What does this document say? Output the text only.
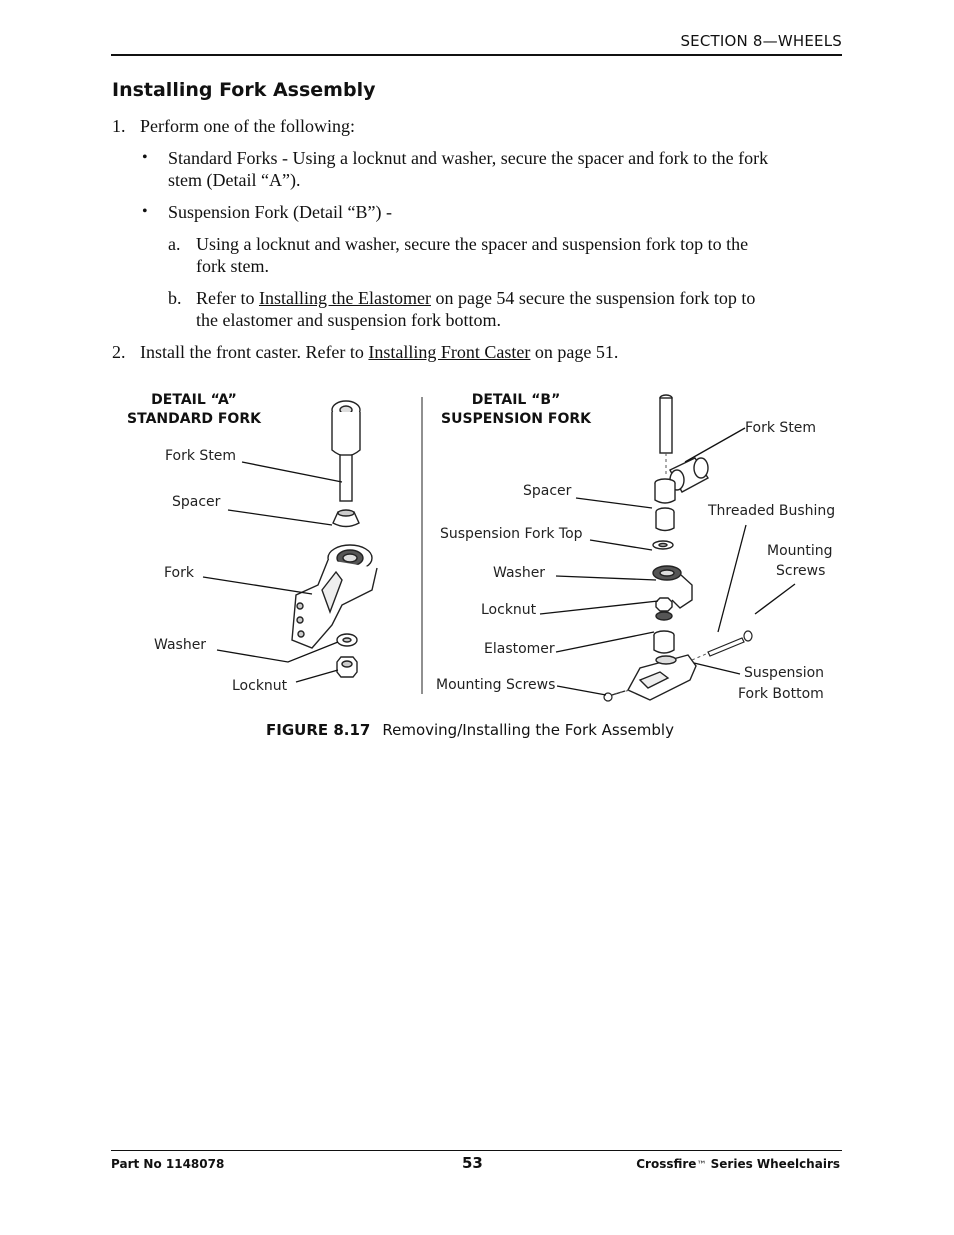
SECTION 8—WHEELS
Installing Fork Assembly
1. Perform one of the following:
• Standard Forks - Using a locknut and washer, secure the spacer and fork to the fork
stem (Detail “A”).
• Suspension Fork (Detail “B”) -
a. Using a locknut and washer, secure the spacer and suspension fork top to the
fork stem.
b. Refer to Installing the Elastomer on page 54 secure the suspension fork top to
the elastomer and suspension fork bottom.
2. Install the front caster. Refer to Installing Front Caster on page 51.
DETAIL “A”
STANDARD FORK
DETAIL “B”
SUSPENSION FORK
Fork Stem
Spacer
Fork
Washer
Locknut
Fork Stem
Spacer
Threaded Bushing
Suspension Fork Top
Mounting
Screws
Washer
Locknut
Elastomer
Suspension
Fork Bottom
Mounting Screws
FIGURE 8.17 Removing/Installing the Fork Assembly
Part No 1148078	53	Crossfire™ Series Wheelchairs
